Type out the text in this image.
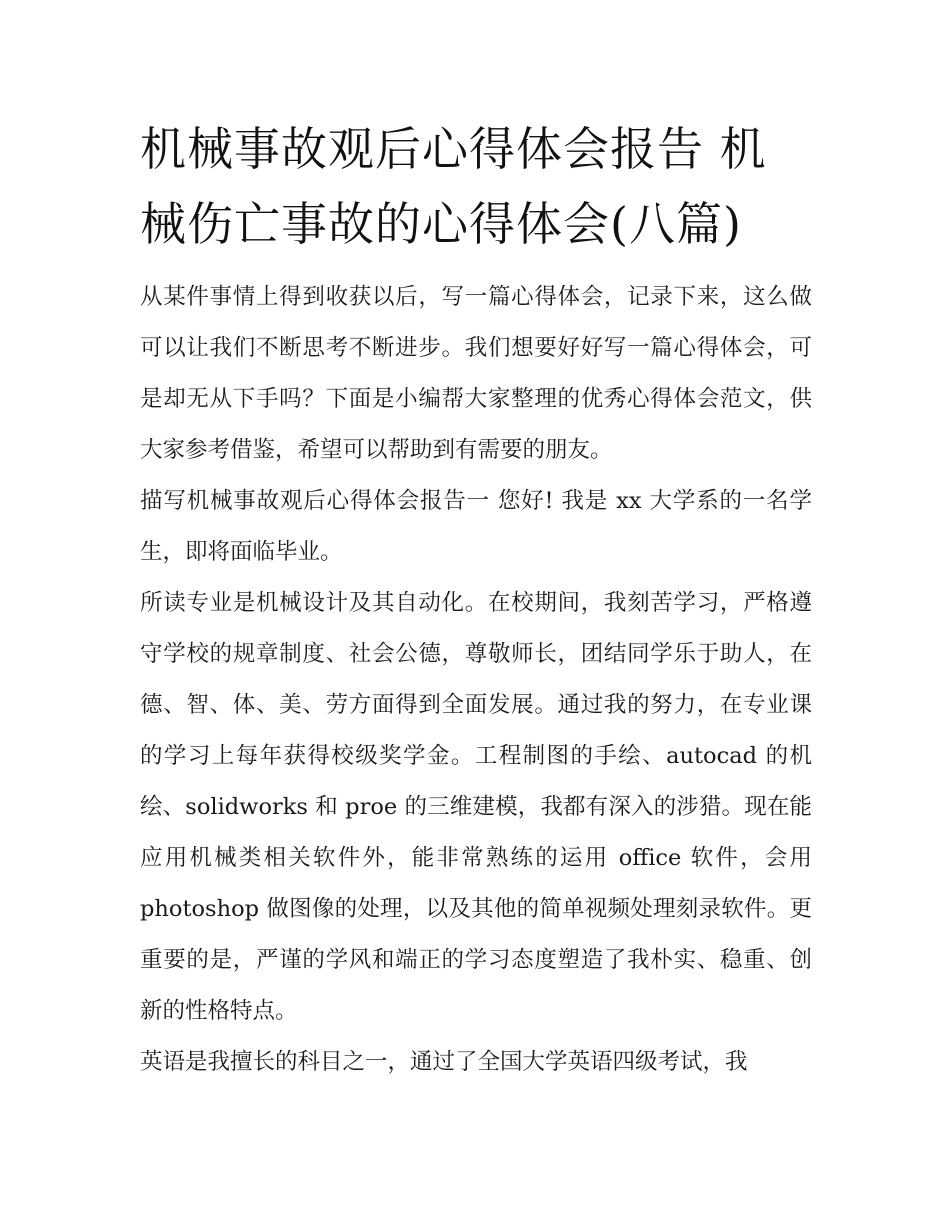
机械事故观后心得体会报告 机械伤亡事故的心得体会(八篇)

从某件事情上得到收获以后，写一篇心得体会，记录下来，这么做可以让我们不断思考不断进步。我们想要好好写一篇心得体会，可是却无从下手吗？下面是小编帮大家整理的优秀心得体会范文，供大家参考借鉴，希望可以帮助到有需要的朋友。

描写机械事故观后心得体会报告一 您好! 我是 xx 大学系的一名学生，即将面临毕业。

所读专业是机械设计及其自动化。在校期间，我刻苦学习，严格遵守学校的规章制度、社会公德，尊敬师长，团结同学乐于助人，在德、智、体、美、劳方面得到全面发展。通过我的努力，在专业课的学习上每年获得校级奖学金。工程制图的手绘、autocad 的机绘、solidworks 和 proe 的三维建模，我都有深入的涉猎。现在能应用机械类相关软件外，能非常熟练的运用 office 软件，会用 photoshop 做图像的处理，以及其他的简单视频处理刻录软件。更重要的是，严谨的学风和端正的学习态度塑造了我朴实、稳重、创新的性格特点。

英语是我擅长的科目之一，通过了全国大学英语四级考试，我
